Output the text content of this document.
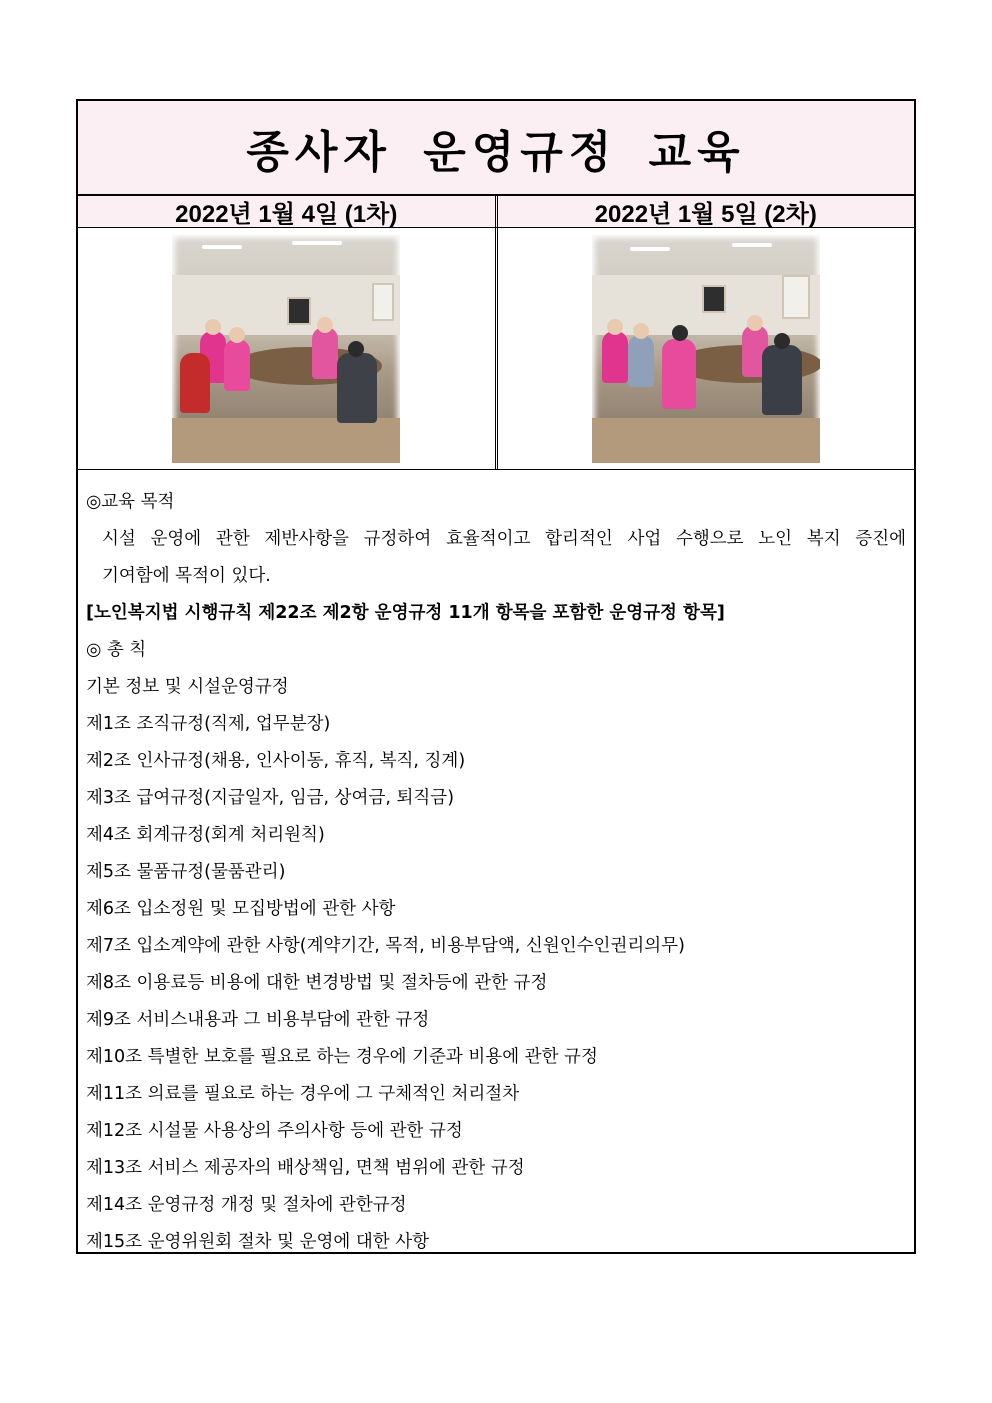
종사자 운영규정 교육
2022년 1월 4일 (1차)	2022년 1월 5일 (2차)
◎교육 목적
시설 운영에 관한 제반사항을 규정하여 효율적이고 합리적인 사업 수행으로 노인 복지 증진에
기여함에 목적이 있다.
[노인복지법 시행규칙 제22조 제2항 운영규정 11개 항목을 포함한 운영규정 항목]
◎ 총 칙
기본 정보 및 시설운영규정
제1조 조직규정(직제, 업무분장)
제2조 인사규정(채용, 인사이동, 휴직, 복직, 징계)
제3조 급여규정(지급일자, 임금, 상여금, 퇴직금)
제4조 회계규정(회계 처리원칙)
제5조 물품규정(물품관리)
제6조 입소정원 및 모집방법에 관한 사항
제7조 입소계약에 관한 사항(계약기간, 목적, 비용부담액, 신원인수인권리의무)
제8조 이용료등 비용에 대한 변경방법 및 절차등에 관한 규정
제9조 서비스내용과 그 비용부담에 관한 규정
제10조 특별한 보호를 필요로 하는 경우에 기준과 비용에 관한 규정
제11조 의료를 필요로 하는 경우에 그 구체적인 처리절차
제12조 시설물 사용상의 주의사항 등에 관한 규정
제13조 서비스 제공자의 배상책임, 면책 범위에 관한 규정
제14조 운영규정 개정 및 절차에 관한규정
제15조 운영위원회 절차 및 운영에 대한 사항
